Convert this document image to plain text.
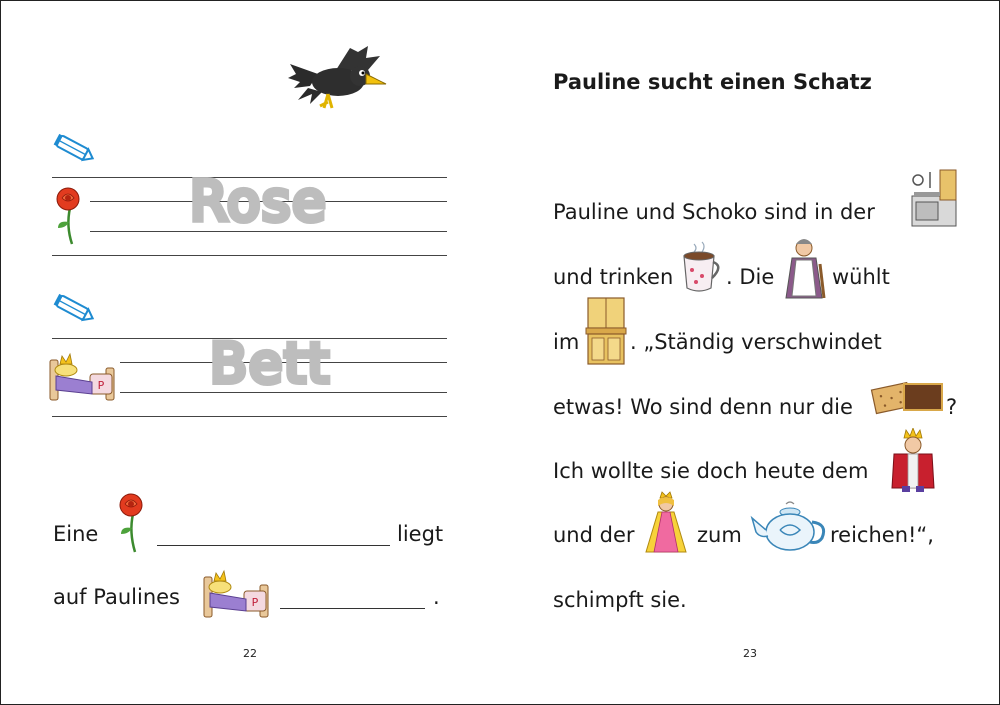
Rose
P Bett
Eine	liegt
auf Paulines	P	.
22
Pauline sucht einen Schatz
Pauline und Schoko sind in der
und trinken	. Die	wühlt
im . „Ständig verschwindet
etwas! Wo sind denn nur die	?
Ich wollte sie doch heute dem
und der	zum	reichen!“,
schimpft sie.
23
